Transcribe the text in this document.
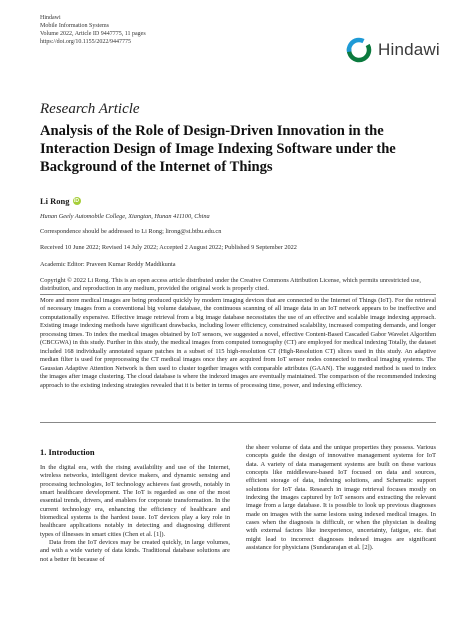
Hindawi
Mobile Information Systems
Volume 2022, Article ID 9447775, 11 pages
https://doi.org/10.1155/2022/9447775	Hindawi
Research Article
Analysis of the Role of Design-Driven Innovation in the Interaction Design of Image Indexing Software under the Background of the Internet of Things
Li Rong iD
Hunan Geely Automobile College, Xiangtan, Hunan 411100, China
Correspondence should be addressed to Li Rong; lirong@st.btbu.edu.cn
Received 10 June 2022; Revised 14 July 2022; Accepted 2 August 2022; Published 9 September 2022
Academic Editor: Praveen Kumar Reddy Maddikunta
Copyright © 2022 Li Rong. This is an open access article distributed under the Creative Commons Attribution License, which permits unrestricted use, distribution, and reproduction in any medium, provided the original work is properly cited.

More and more medical images are being produced quickly by modern imaging devices that are connected to the Internet of Things (IoT). For the retrieval of necessary images from a conventional big volume database, the continuous scanning of all image data in an IoT network appears to be ineffective and computationally expensive. Effective image retrieval from a big image database necessitates the use of an effective and scalable image indexing approach. Existing image indexing methods have significant drawbacks, including lower efficiency, constrained scalability, increased computing demands, and longer processing times. To index the medical images obtained by IoT sensors, we suggested a novel, effective Content-Based Cascaded Gabor Wavelet Algorithm (CBCGWA) in this study. Further in this study, the medical images from computed tomography (CT) are employed for medical indexing Totally, the dataset included 168 individually annotated square patches in a subset of 115 high-resolution CT (High-Resolution CT) slices used in this study. An adaptive median filter is used for preprocessing the CT medical images once they are acquired from IoT sensor nodes connected to medical imaging systems. The Gaussian Adaptive Attention Network is then used to cluster together images with comparable attributes (GAAN). The suggested method is used to index the images after image clustering. The cloud database is where the indexed images are eventually maintained. The comparison of the recommended indexing approach to the existing indexing strategies revealed that it is better in terms of processing time, power, and indexing efficiency.

1. Introduction

In the digital era, with the rising availability and use of the Internet, wireless networks, intelligent device makers, and dynamic sensing and processing technologies, IoT technology achieves fast growth, notably in smart healthcare development. The IoT is regarded as one of the most essential trends, drivers, and enablers for corporate transformation. In the current technology era, enhancing the efficiency of healthcare and biomedical systems is the hardest issue. IoT devices play a key role in healthcare applications notably in detecting and diagnosing different types of illnesses in smart cities (Chen et al. [1]).

Data from the IoT devices may be created quickly, in large volumes, and with a wide variety of data kinds. Traditional database solutions are not a better fit because of

the sheer volume of data and the unique properties they possess. Various concepts guide the design of innovative management systems for IoT data. A variety of data management systems are built on these various concepts like middleware-based IoT focused on data and sources, efficient storage of data, indexing solutions, and Schematic support solutions for IoT data. Research in image retrieval focuses mostly on indexing the images captured by IoT sensors and extracting the relevant image from a large database. It is possible to look up previous diagnoses made on images with the same lesions using indexed medical images. In cases when the diagnosis is difficult, or when the physician is dealing with external factors like inexperience, uncertainty, fatigue, etc. that might lead to incorrect diagnoses indexed images are significant assistance for physicians (Sundararajan et al. [2]).
